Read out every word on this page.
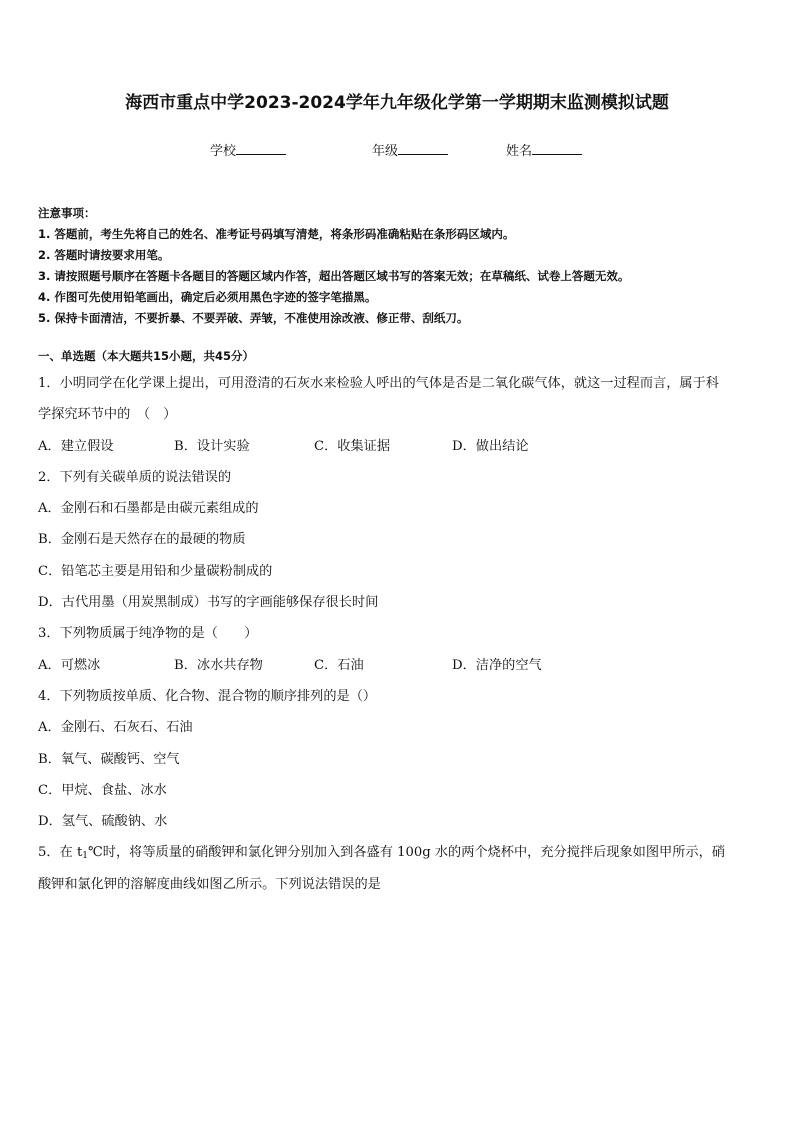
海西市重点中学2023-2024学年九年级化学第一学期期末监测模拟试题
学校	年级	姓名
注意事项：
1. 答题前，考生先将自己的姓名、准考证号码填写清楚，将条形码准确粘贴在条形码区域内。
2. 答题时请按要求用笔。
3. 请按照题号顺序在答题卡各题目的答题区域内作答，超出答题区域书写的答案无效；在草稿纸、试卷上答题无效。
4. 作图可先使用铅笔画出，确定后必须用黑色字迹的签字笔描黑。
5. 保持卡面清洁，不要折暴、不要弄破、弄皱，不准使用涂改液、修正带、刮纸刀。
一、单选题（本大题共15小题，共45分）
1．小明同学在化学课上提出，可用澄清的石灰水来检验人呼出的气体是否是二氧化碳气体，就这一过程而言，属于科
学探究环节中的　（　）
A．建立假设	B．设计实验	C．收集证据	D．做出结论
2．下列有关碳单质的说法错误的
A．金刚石和石墨都是由碳元素组成的
B．金刚石是天然存在的最硬的物质
C．铅笔芯主要是用铅和少量碳粉制成的
D．古代用墨（用炭黑制成）书写的字画能够保存很长时间
3．下列物质属于纯净物的是（　　）
A．可燃冰	B．冰水共存物	C．石油	D．洁净的空气
4．下列物质按单质、化合物、混合物的顺序排列的是（）
A．金刚石、石灰石、石油
B．氧气、碳酸钙、空气
C．甲烷、食盐、冰水
D．氢气、硫酸钠、水
5．在 $t_1℃$时，将等质量的硝酸钾和氯化钾分别加入到各盛有 100g 水的两个烧杯中，充分搅拌后现象如图甲所示，硝
酸钾和氯化钾的溶解度曲线如图乙所示。下列说法错误的是
